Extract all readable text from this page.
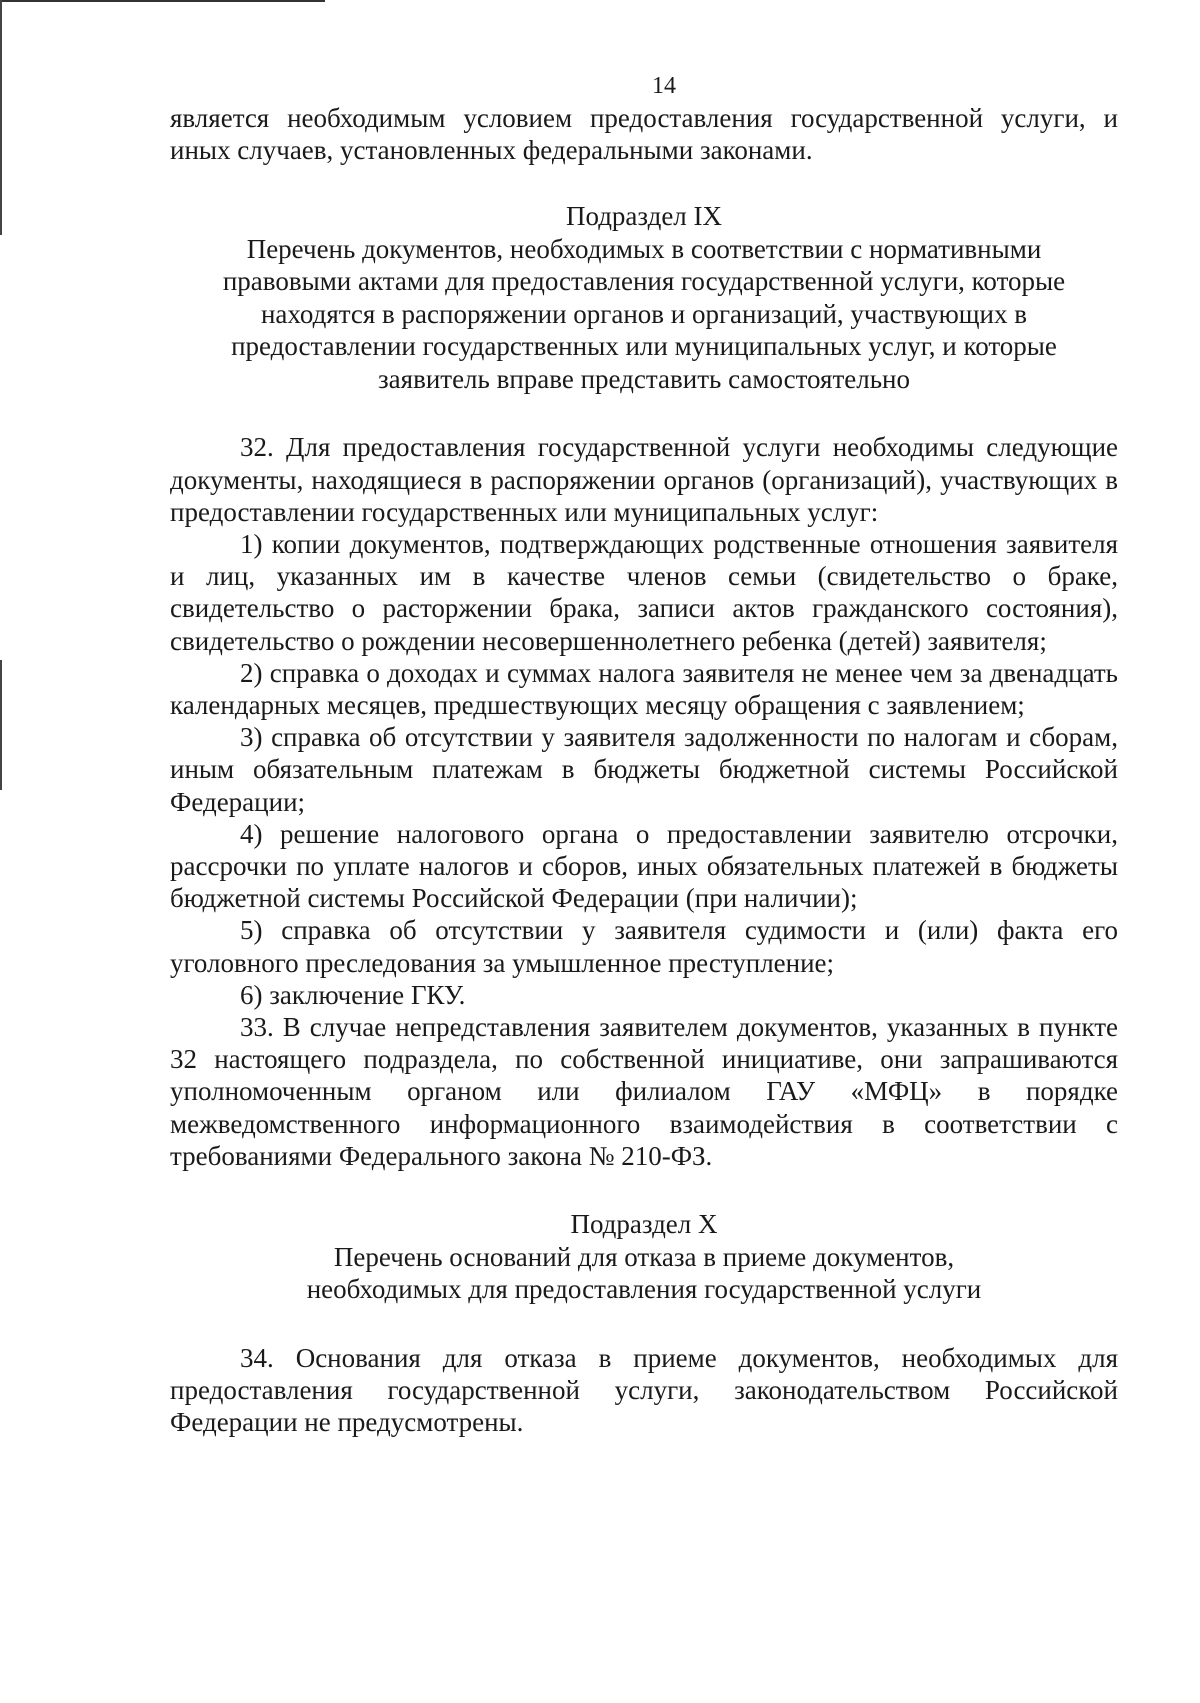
14

является необходимым условием предоставления государственной услуги, и иных случаев, установленных федеральными законами.

Подраздел IX
Перечень документов, необходимых в соответствии с нормативными
правовыми актами для предоставления государственной услуги, которые
находятся в распоряжении органов и организаций, участвующих в
предоставлении государственных или муниципальных услуг, и которые
заявитель вправе представить самостоятельно

32. Для предоставления государственной услуги необходимы следующие документы, находящиеся в распоряжении органов (организаций), участвующих в предоставлении государственных или муниципальных услуг:

1) копии документов, подтверждающих родственные отношения заявителя и лиц, указанных им в качестве членов семьи (свидетельство о браке, свидетельство о расторжении брака, записи актов гражданского состояния), свидетельство о рождении несовершеннолетнего ребенка (детей) заявителя;

2) справка о доходах и суммах налога заявителя не менее чем за двенадцать календарных месяцев, предшествующих месяцу обращения с заявлением;

3) справка об отсутствии у заявителя задолженности по налогам и сборам, иным обязательным платежам в бюджеты бюджетной системы Российской Федерации;

4) решение налогового органа о предоставлении заявителю отсрочки, рассрочки по уплате налогов и сборов, иных обязательных платежей в бюджеты бюджетной системы Российской Федерации (при наличии);

5) справка об отсутствии у заявителя судимости и (или) факта его уголовного преследования за умышленное преступление;

6) заключение ГКУ.

33. В случае непредставления заявителем документов, указанных в пункте 32 настоящего подраздела, по собственной инициативе, они запрашиваются уполномоченным органом или филиалом ГАУ «МФЦ» в порядке межведомственного информационного взаимодействия в соответствии с требованиями Федерального закона № 210-ФЗ.

Подраздел X
Перечень оснований для отказа в приеме документов,
необходимых для предоставления государственной услуги

34. Основания для отказа в приеме документов, необходимых для предоставления государственной услуги, законодательством Российской Федерации не предусмотрены.
